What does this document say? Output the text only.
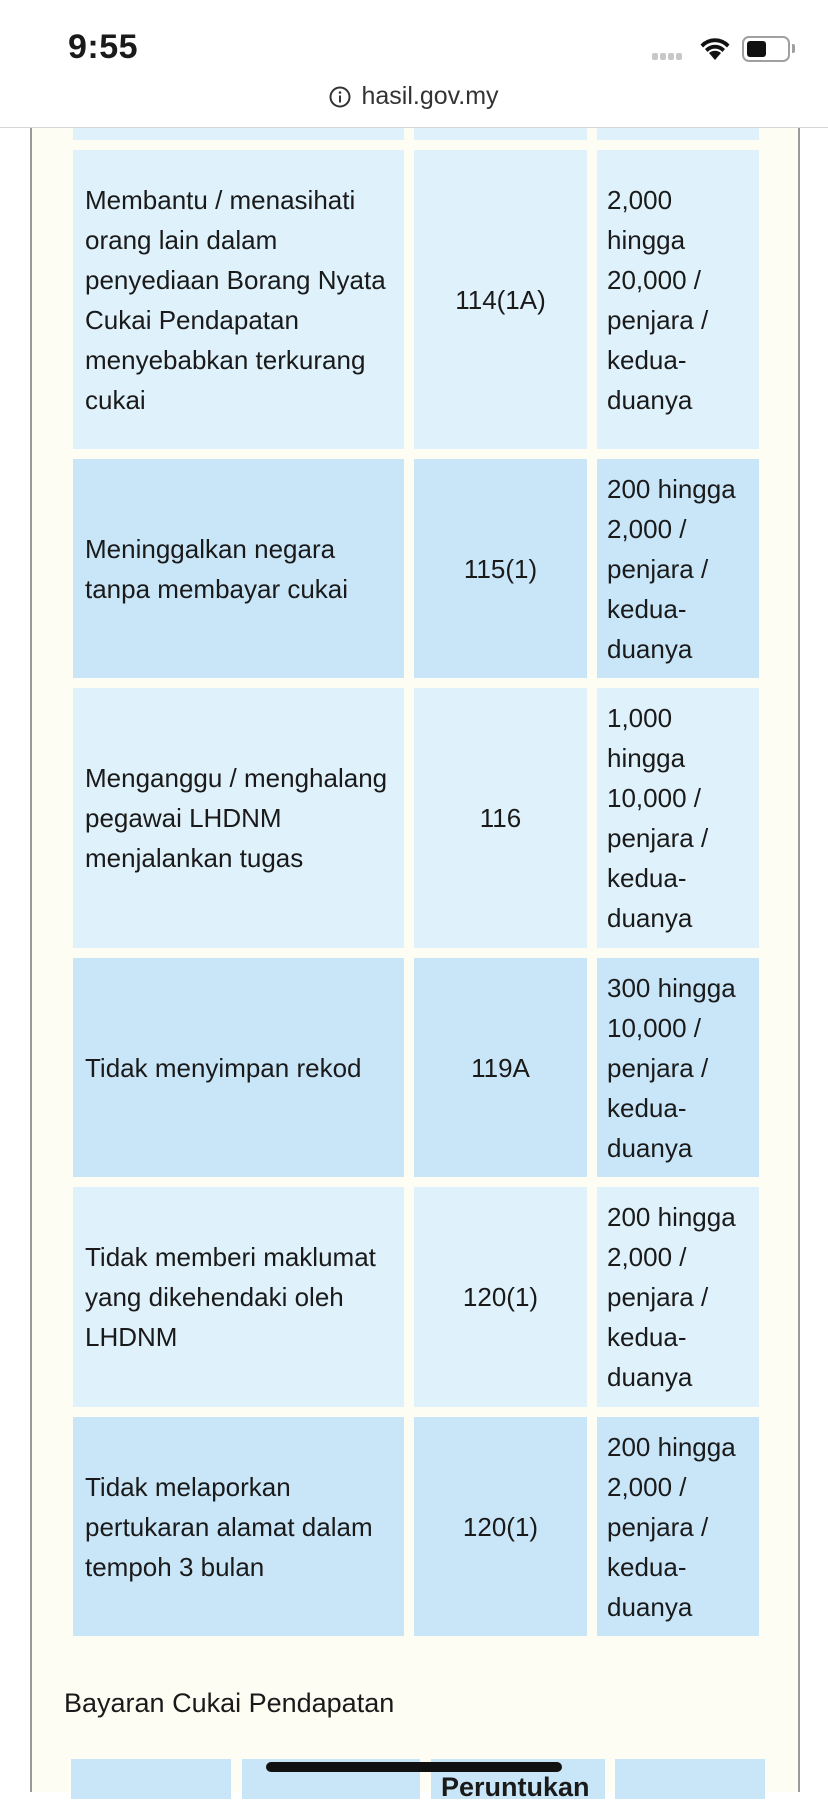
9:55
hasil.gov.my
Membantu / menasihati orang lain dalam penyediaan Borang Nyata Cukai Pendapatan menyebabkan terkurang cukai
114(1A)
2,000 hingga 20,000 / penjara / kedua-duanya
Meninggalkan negara tanpa membayar cukai
115(1)
200 hingga 2,000 / penjara / kedua-duanya
Menganggu / menghalang pegawai LHDNM menjalankan tugas
116
1,000 hingga 10,000 / penjara / kedua-duanya
Tidak menyimpan rekod	119A
300 hingga 10,000 / penjara / kedua-duanya
Tidak memberi maklumat yang dikehendaki oleh LHDNM
120(1)
200 hingga 2,000 / penjara / kedua-duanya
Tidak melaporkan pertukaran alamat dalam tempoh 3 bulan
120(1)
200 hingga 2,000 / penjara / kedua-duanya
Bayaran Cukai Pendapatan
Peruntukan
